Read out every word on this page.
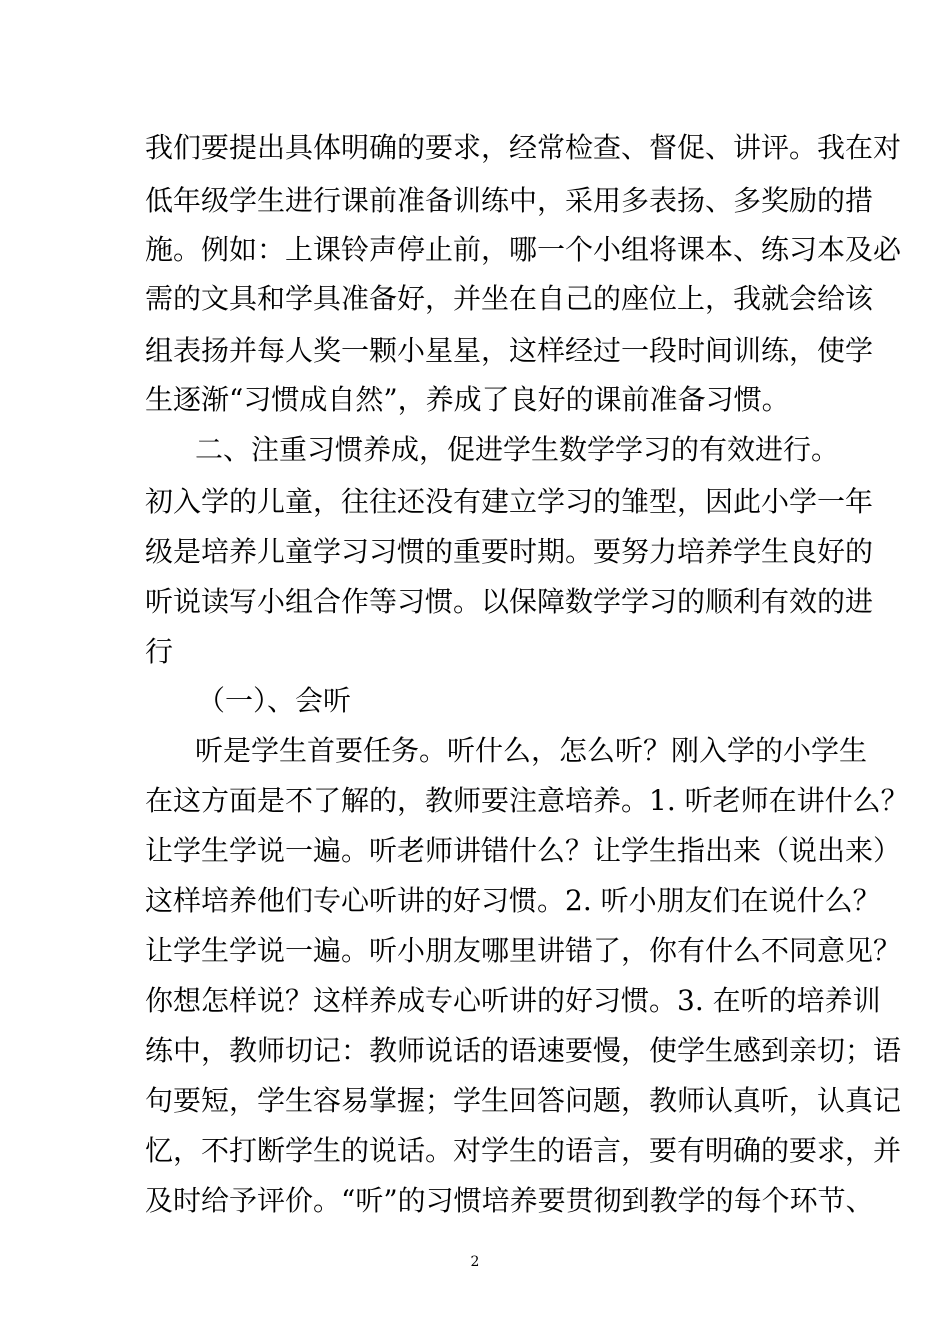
我们要提出具体明确的要求，经常检查、督促、讲评。我在对
低年级学生进行课前准备训练中，采用多表扬、多奖励的措
施。例如：上课铃声停止前，哪一个小组将课本、练习本及必
需的文具和学具准备好，并坐在自己的座位上，我就会给该
组表扬并每人奖一颗小星星，这样经过一段时间训练，使学
生逐渐“习惯成自然”，养成了良好的课前准备习惯。
二、注重习惯养成，促进学生数学学习的有效进行。
初入学的儿童，往往还没有建立学习的雏型，因此小学一年
级是培养儿童学习习惯的重要时期。要努力培养学生良好的
听说读写小组合作等习惯。以保障数学学习的顺利有效的进
行
（一）、会听
听是学生首要任务。听什么，怎么听？刚入学的小学生
在这方面是不了解的，教师要注意培养。1. 听老师在讲什么？
让学生学说一遍。听老师讲错什么？让学生指出来（说出来）
这样培养他们专心听讲的好习惯。2. 听小朋友们在说什么？
让学生学说一遍。听小朋友哪里讲错了，你有什么不同意见？
你想怎样说？这样养成专心听讲的好习惯。3. 在听的培养训
练中，教师切记：教师说话的语速要慢，使学生感到亲切；语
句要短，学生容易掌握；学生回答问题，教师认真听，认真记
忆，不打断学生的说话。对学生的语言，要有明确的要求，并
及时给予评价。“听”的习惯培养要贯彻到教学的每个环节、
2
